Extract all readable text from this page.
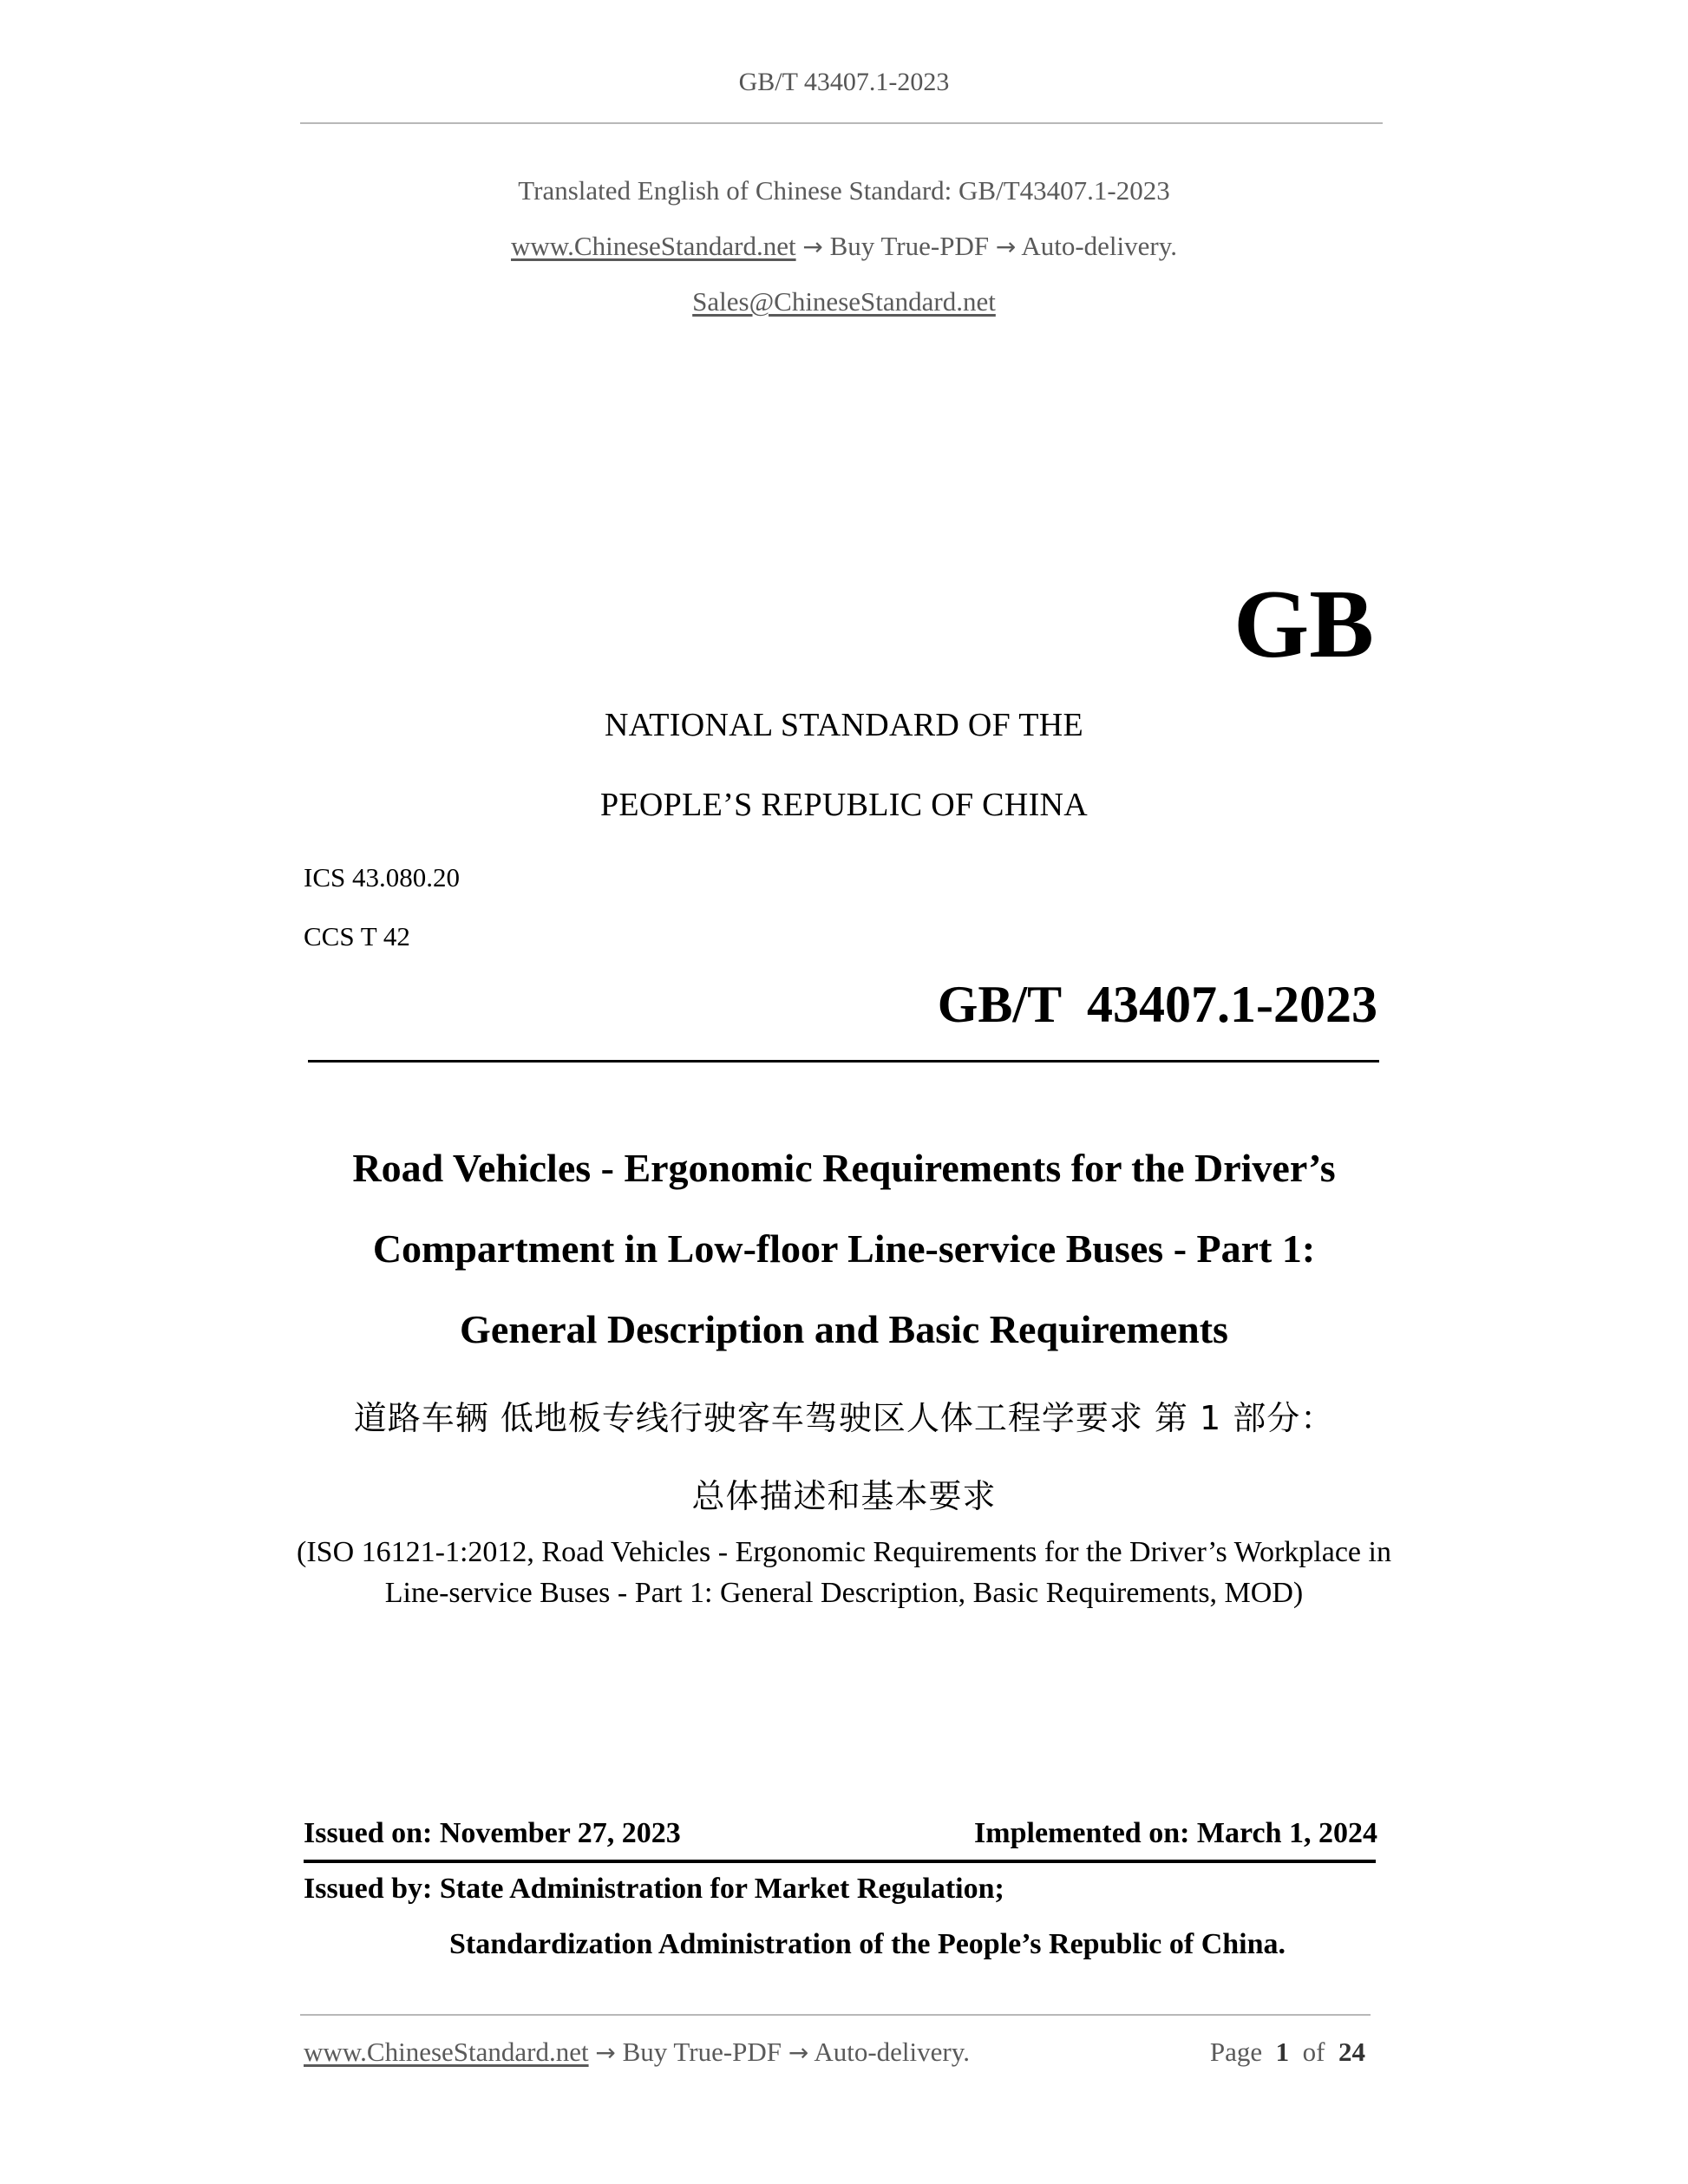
GB/T 43407.1-2023
Translated English of Chinese Standard: GB/T43407.1-2023
www.ChineseStandard.net → Buy True-PDF → Auto-delivery.
Sales@ChineseStandard.net
GB
NATIONAL STANDARD OF THE
PEOPLE’S REPUBLIC OF CHINA
ICS 43.080.20
CCS T 42
GB/T  43407.1-2023
Road Vehicles - Ergonomic Requirements for the Driver’s
Compartment in Low-floor Line-service Buses - Part 1:
General Description and Basic Requirements
道路车辆 低地板专线行驶客车驾驶区人体工程学要求 第 1 部分：
总体描述和基本要求
(ISO 16121-1:2012, Road Vehicles - Ergonomic Requirements for the Driver’s Workplace in Line-service Buses - Part 1: General Description, Basic Requirements, MOD)
Issued on: November 27, 2023	Implemented on: March 1, 2024
Issued by: State Administration for Market Regulation;
Standardization Administration of the People’s Republic of China.
www.ChineseStandard.net → Buy True-PDF → Auto-delivery.	Page 1 of 24
